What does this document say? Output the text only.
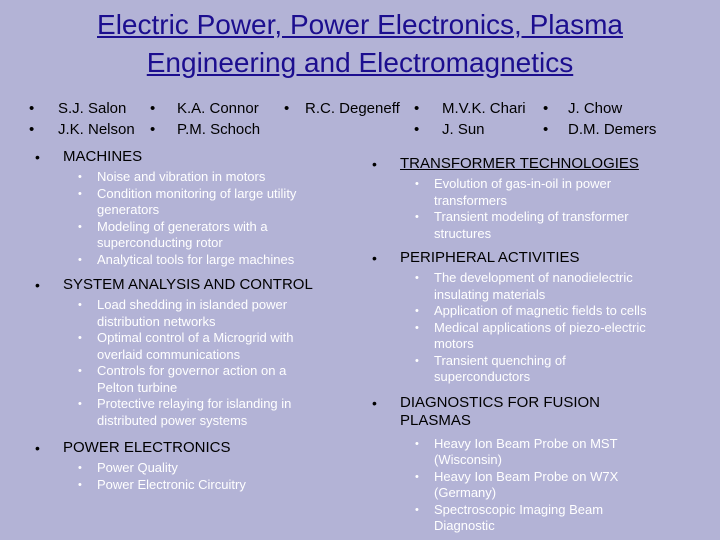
Electric Power, Power Electronics, Plasma
Engineering and Electromagnetics
• S.J. Salon • K.A. Connor • R.C. Degeneff • M.V.K. Chari • J. Chow
• J.K. Nelson • P.M. Schoch	• J. Sun	• D.M. Demers
• MACHINES
• Noise and vibration in motors
• Condition monitoring of large utility
generators
• Modeling of generators with a
superconducting rotor
• Analytical tools for large machines
• SYSTEM ANALYSIS AND CONTROL
• Load shedding in islanded power
distribution networks
• Optimal control of a Microgrid with
overlaid communications
• Controls for governor action on a
Pelton turbine
• Protective relaying for islanding in
distributed power systems
• POWER ELECTRONICS
• Power Quality
• Power Electronic Circuitry
• TRANSFORMER TECHNOLOGIES
• Evolution of gas-in-oil in power
transformers
• Transient modeling of transformer
structures
• PERIPHERAL ACTIVITIES
• The development of nanodielectric
insulating materials
• Application of magnetic fields to cells
• Medical applications of piezo-electric
motors
• Transient quenching of
superconductors
• DIAGNOSTICS FOR FUSION
PLASMAS
• Heavy Ion Beam Probe on MST
(Wisconsin)
• Heavy Ion Beam Probe on W7X
(Germany)
• Spectroscopic Imaging Beam
Diagnostic
